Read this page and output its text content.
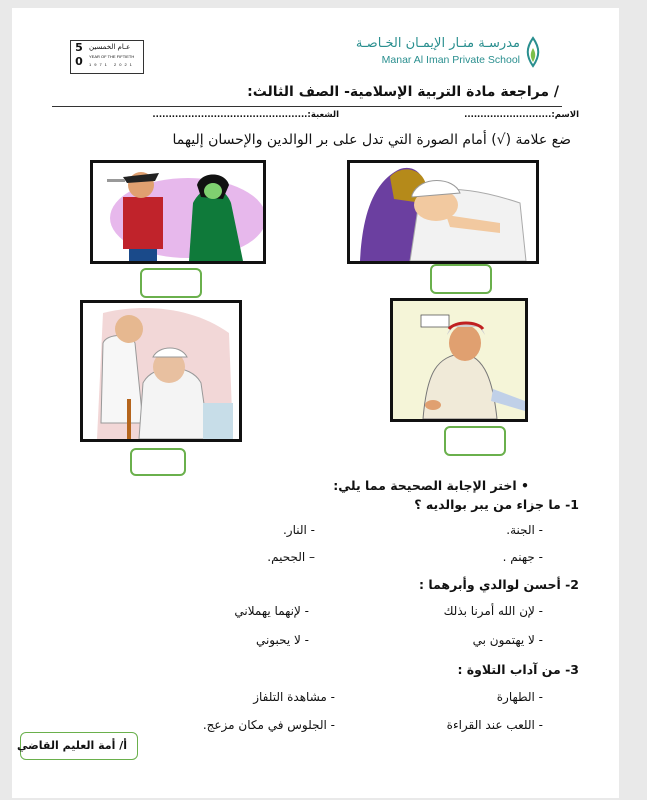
5
0
عـام الخمسين
YEAR OF THE FIFTIETH
1971 2021
مدرسـة منـار الإيمـان الخـاصـة
Manar Al Iman Private School
/ مراجعة مادة التربية الإسلامية- الصف الثالث:
الاسم:...........................
الشعبة:................................................
ضع علامة (√) أمام الصورة التي تدل على بر الوالدين والإحسان إليهما
• اختر الإجابة الصحيحة مما يلي:
1- ما جزاء من يبر بوالديه ؟
- الجنة.
- النار.
- جهنم .
– الجحيم.
2- أحسن لوالدي وأبرهما :
- لإن الله أمرنا بذلك
- لإنهما يهملاني
- لا يهتمون بي
- لا يحبوني
3- من آداب التلاوة :
- الطهارة
- مشاهدة التلفاز
- اللعب عند القراءة
- الجلوس في مكان مزعج.
أ/ أمة العليم القاضي
